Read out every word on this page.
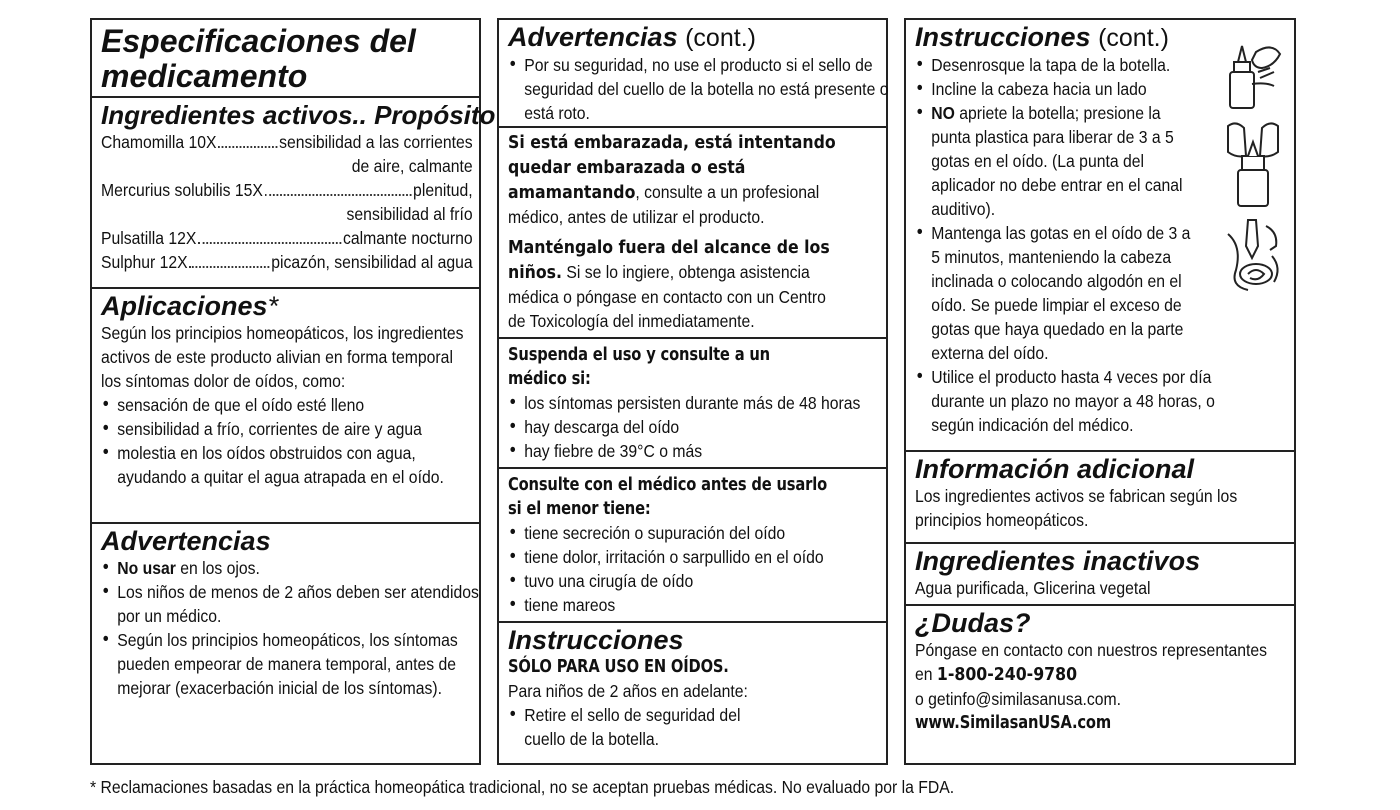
Especificaciones del medicamento
Ingredientes activos.. Propósito
Chamomilla 10X	sensibilidad a las corrientes
de aire, calmante
Mercurius solubilis 15X	plenitud,
sensibilidad al frío
Pulsatilla 12X	calmante nocturno
Sulphur 12X	picazón, sensibilidad al agua
Aplicaciones*

Según los principios homeopáticos, los ingredientes activos de este producto alivian en forma temporal los síntomas dolor de oídos, como:

• sensación de que el oído esté lleno
• sensibilidad a frío, corrientes de aire y agua
• molestia en los oídos obstruidos con agua, ayudando a quitar el agua atrapada en el oído.
Advertencias
• No usar en los ojos.
• Los niños de menos de 2 años deben ser atendidos por un médico.
• Según los principios homeopáticos, los síntomas pueden empeorar de manera temporal, antes de mejorar (exacerbación inicial de los síntomas).
Advertencias (cont.)
• Por su seguridad, no use el producto si el sello de seguridad del cuello de la botella no está presente o está roto.

Si está embarazada, está intentando quedar embarazada o está amamantando, consulte a un profesional médico, antes de utilizar el producto.

Manténgalo fuera del alcance de los niños. Si se lo ingiere, obtenga asistencia médica o póngase en contacto con un Centro de Toxicología del inmediatamente.

Suspenda el uso y consulte a un médico si:

• los síntomas persisten durante más de 48 horas
• hay descarga del oído
• hay fiebre de 39°C o más

Consulte con el médico antes de usarlo si el menor tiene:

• tiene secreción o supuración del oído
• tiene dolor, irritación o sarpullido en el oído
• tuvo una cirugía de oído
• tiene mareos
Instrucciones

SÓLO PARA USO EN OÍDOS.

Para niños de 2 años en adelante:

• Retire el sello de seguridad del cuello de la botella.
Instrucciones (cont.)
• Desenrosque la tapa de la botella.
• Incline la cabeza hacia un lado
• NO apriete la botella; presione la punta plastica para liberar de 3 a 5 gotas en el oído. (La punta del aplicador no debe entrar en el canal auditivo).
• Mantenga las gotas en el oído de 3 a 5 minutos, manteniendo la cabeza inclinada o colocando algodón en el oído. Se puede limpiar el exceso de gotas que haya quedado en la parte externa del oído.
• Utilice el producto hasta 4 veces por día durante un plazo no mayor a 48 horas, o según indicación del médico.
Información adicional

Los ingredientes activos se fabrican según los principios homeopáticos.

Ingredientes inactivos

Agua purificada, Glicerina vegetal

¿Dudas?

Póngase en contacto con nuestros representantes

en 1-800-240-9780

o getinfo@similasanusa.com.

www.SimilasanUSA.com

* Reclamaciones basadas en la práctica homeopática tradicional, no se aceptan pruebas médicas. No evaluado por la FDA.
